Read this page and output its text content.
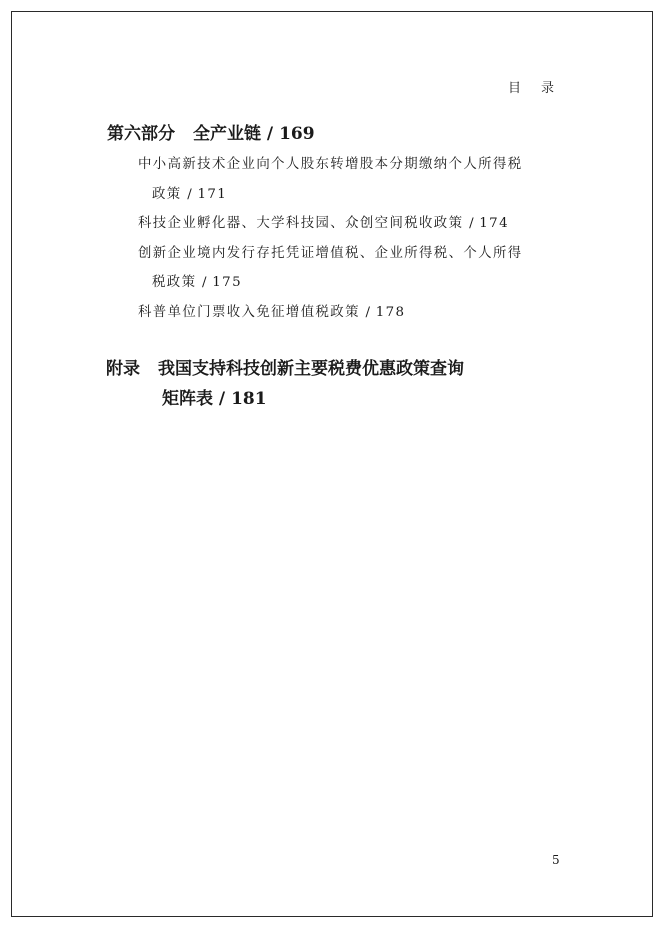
目 录
第六部分 全产业链 / 169
中小高新技术企业向个人股东转增股本分期缴纳个人所得税
政策 / 171
科技企业孵化器、大学科技园、众创空间税收政策 / 174
创新企业境内发行存托凭证增值税、企业所得税、个人所得
税政策 / 175
科普单位门票收入免征增值税政策 / 178
附录 我国支持科技创新主要税费优惠政策查询
矩阵表 / 181
5
